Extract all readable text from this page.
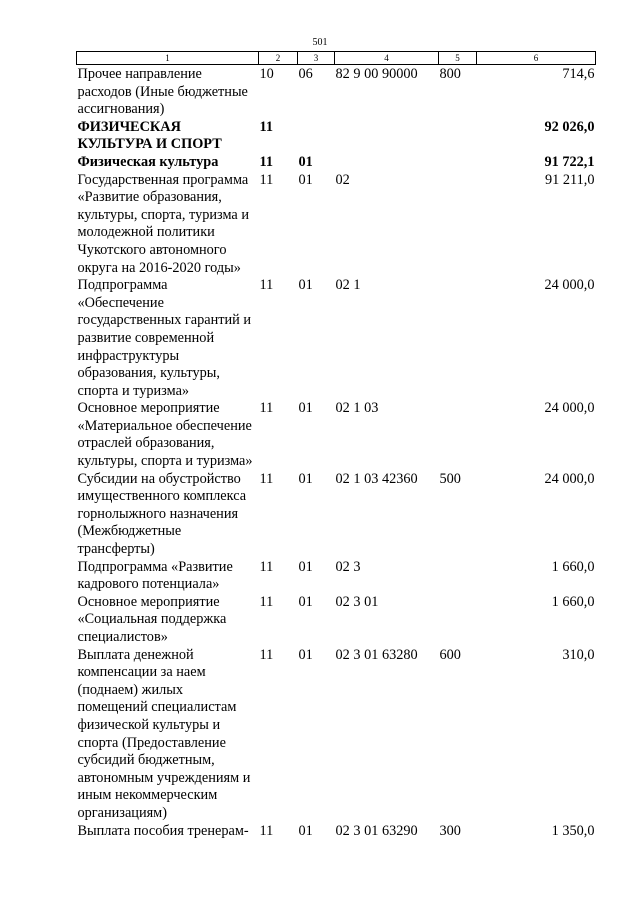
501
1	2	3	4	5	6
Прочее направление расходов (Иные бюджетные ассигнования)	10	06	82 9 00 90000	800	714,6
ФИЗИЧЕСКАЯ КУЛЬТУРА И СПОРТ	11				92 026,0
Физическая культура	11	01			91 722,1
Государственная программа «Развитие образования, культуры, спорта, туризма и молодежной политики Чукотского автономного округа на 2016-2020 годы»	11	01	02		91 211,0
Подпрограмма «Обеспечение государственных гарантий и развитие современной инфраструктуры образования, культуры, спорта и туризма»	11	01	02 1		24 000,0
Основное мероприятие «Материальное обеспечение отраслей образования, культуры, спорта и туризма»	11	01	02 1 03		24 000,0
Субсидии на обустройство имущественного комплекса горнолыжного назначения (Межбюджетные трансферты)	11	01	02 1 03 42360	500	24 000,0
Подпрограмма «Развитие кадрового потенциала»	11	01	02 3		1 660,0
Основное мероприятие «Социальная поддержка специалистов»	11	01	02 3 01		1 660,0
Выплата денежной компенсации за наем (поднаем) жилых помещений специалистам физической культуры и спорта (Предоставление субсидий бюджетным, автономным учреждениям и иным некоммерческим организациям)	11	01	02 3 01 63280	600	310,0
Выплата пособия тренерам-	11	01	02 3 01 63290	300	1 350,0
